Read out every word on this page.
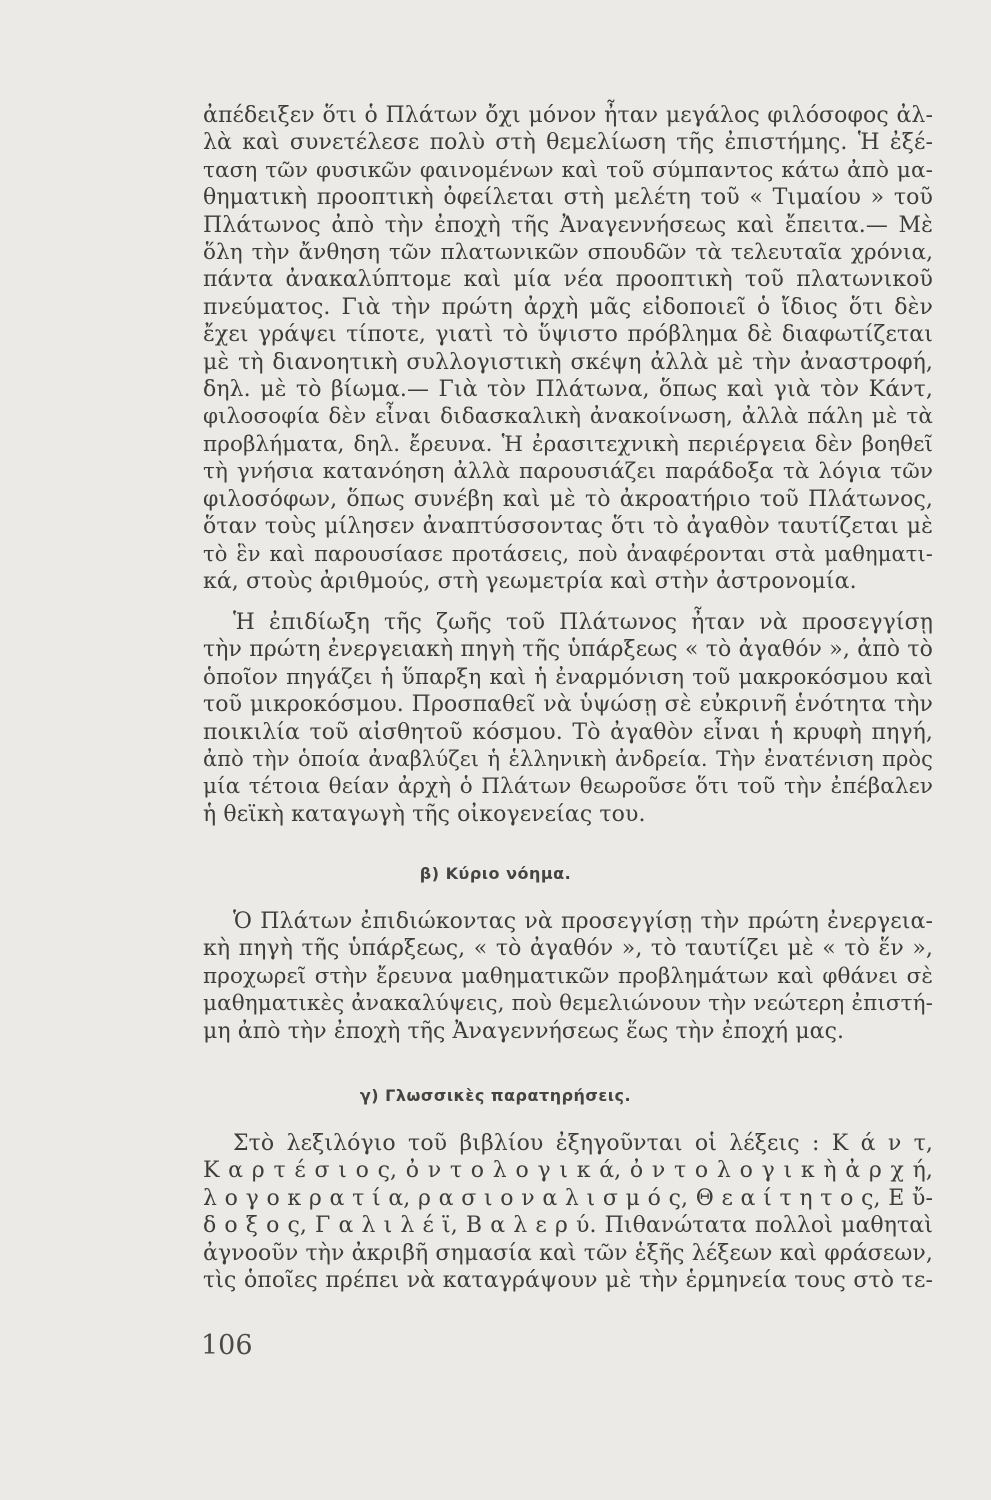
ἀπέδειξεν ὅτι ὁ Πλάτων ὄχι μόνον ἦταν μεγάλος φιλόσοφος ἀλ-
λὰ καὶ συνετέλεσε πολὺ στὴ θεμελίωση τῆς ἐπιστήμης. Ἡ ἐξέ-
ταση τῶν φυσικῶν φαινομένων καὶ τοῦ σύμπαντος κάτω ἀπὸ μα-
θηματικὴ προοπτικὴ ὀφείλεται στὴ μελέτη τοῦ « Τιμαίου » τοῦ
Πλάτωνος ἀπὸ τὴν ἐποχὴ τῆς Ἀναγεννήσεως καὶ ἔπειτα.— Μὲ
ὅλη τὴν ἄνθηση τῶν πλατωνικῶν σπουδῶν τὰ τελευταῖα χρόνια,
πάντα ἀνακαλύπτομε καὶ μία νέα προοπτικὴ τοῦ πλατωνικοῦ
πνεύματος. Γιὰ τὴν πρώτη ἀρχὴ μᾶς εἰδοποιεῖ ὁ ἴδιος ὅτι δὲν
ἔχει γράψει τίποτε, γιατὶ τὸ ὕψιστο πρόβλημα δὲ διαφωτίζεται
μὲ τὴ διανοητικὴ συλλογιστικὴ σκέψη ἀλλὰ μὲ τὴν ἀναστροφή,
δηλ. μὲ τὸ βίωμα.— Γιὰ τὸν Πλάτωνα, ὅπως καὶ γιὰ τὸν Κάντ,
φιλοσοφία δὲν εἶναι διδασκαλικὴ ἀνακοίνωση, ἀλλὰ πάλη μὲ τὰ
προβλήματα, δηλ. ἔρευνα. Ἡ ἐρασιτεχνικὴ περιέργεια δὲν βοηθεῖ
τὴ γνήσια κατανόηση ἀλλὰ παρουσιάζει παράδοξα τὰ λόγια τῶν
φιλοσόφων, ὅπως συνέβη καὶ μὲ τὸ ἀκροατήριο τοῦ Πλάτωνος,
ὅταν τοὺς μίλησεν ἀναπτύσσοντας ὅτι τὸ ἀγαθὸν ταυτίζεται μὲ
τὸ ἓν καὶ παρουσίασε προτάσεις, ποὺ ἀναφέρονται στὰ μαθηματι-
κά, στοὺς ἀριθμούς, στὴ γεωμετρία καὶ στὴν ἀστρονομία.
Ἡ ἐπιδίωξη τῆς ζωῆς τοῦ Πλάτωνος ἦταν νὰ προσεγγίσῃ
τὴν πρώτη ἐνεργειακὴ πηγὴ τῆς ὑπάρξεως « τὸ ἀγαθόν », ἀπὸ τὸ
ὁποῖον πηγάζει ἡ ὕπαρξη καὶ ἡ ἐναρμόνιση τοῦ μακροκόσμου καὶ
τοῦ μικροκόσμου. Προσπαθεῖ νὰ ὑψώσῃ σὲ εὐκρινῆ ἑνότητα τὴν
ποικιλία τοῦ αἰσθητοῦ κόσμου. Τὸ ἀγαθὸν εἶναι ἡ κρυφὴ πηγή,
ἀπὸ τὴν ὁποία ἀναβλύζει ἡ ἑλληνικὴ ἀνδρεία. Τὴν ἐνατένιση πρὸς
μία τέτοια θείαν ἀρχὴ ὁ Πλάτων θεωροῦσε ὅτι τοῦ τὴν ἐπέβαλεν
ἡ θεϊκὴ καταγωγὴ τῆς οἰκογενείας του.
β) Κύριο νόημα.
Ὁ Πλάτων ἐπιδιώκοντας νὰ προσεγγίσῃ τὴν πρώτη ἐνεργεια-
κὴ πηγὴ τῆς ὑπάρξεως, « τὸ ἀγαθόν », τὸ ταυτίζει μὲ « τὸ ἕν »,
προχωρεῖ στὴν ἔρευνα μαθηματικῶν προβλημάτων καὶ φθάνει σὲ
μαθηματικὲς ἀνακαλύψεις, ποὺ θεμελιώνουν τὴν νεώτερη ἐπιστή-
μη ἀπὸ τὴν ἐποχὴ τῆς Ἀναγεννήσεως ἕως τὴν ἐποχή μας.
γ) Γλωσσικὲς παρατηρήσεις.
Στὸ λεξιλόγιο τοῦ βιβλίου ἐξηγοῦνται οἱ λέξεις : Κ ά ν τ,
Κ α ρ τ έ σ ι ο ς, ὀ ν τ ο λ ο γ ι κ ά, ὀ ν τ ο λ ο γ ι κ ὴ ἀ ρ χ ή,
λ ο γ ο κ ρ α τ ί α, ρ α σ ι ο ν α λ ι σ μ ό ς, Θ ε α ί τ η τ ο ς, Ε ὔ-
δ ο ξ ο ς, Γ α λ ι λ έ ϊ, Β α λ ε ρ ύ. Πιθανώτατα πολλοὶ μαθηταὶ
ἀγνοοῦν τὴν ἀκριβῆ σημασία καὶ τῶν ἑξῆς λέξεων καὶ φράσεων,
τὶς ὁποῖες πρέπει νὰ καταγράψουν μὲ τὴν ἑρμηνεία τους στὸ τε-
106
